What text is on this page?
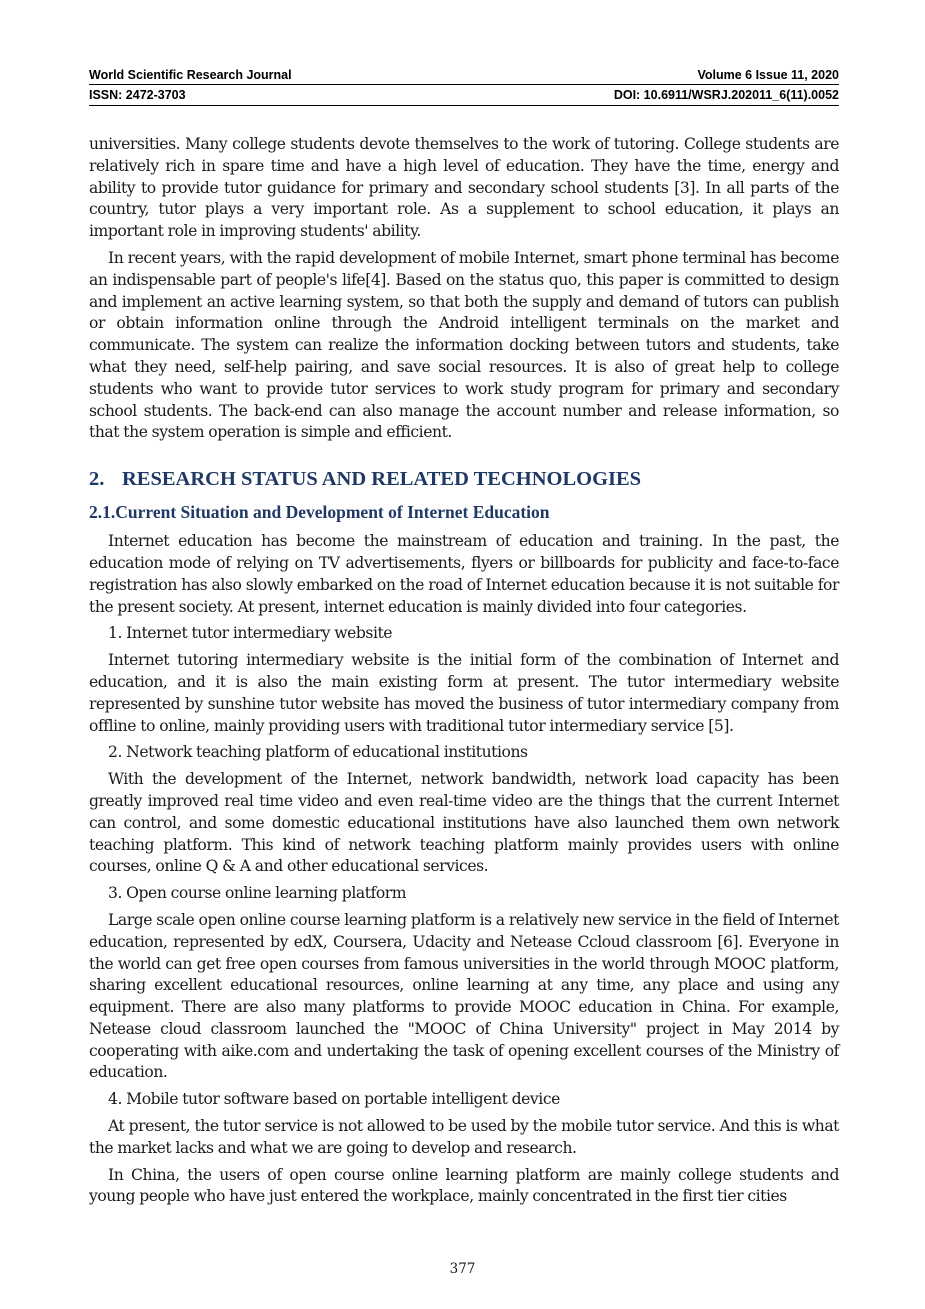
World Scientific Research Journal	Volume 6 Issue 11, 2020
ISSN: 2472-3703	DOI: 10.6911/WSRJ.202011_6(11).0052

universities. Many college students devote themselves to the work of tutoring. College students are relatively rich in spare time and have a high level of education. They have the time, energy and ability to provide tutor guidance for primary and secondary school students [3]. In all parts of the country, tutor plays a very important role. As a supplement to school education, it plays an important role in improving students' ability.

In recent years, with the rapid development of mobile Internet, smart phone terminal has become an indispensable part of people's life[4]. Based on the status quo, this paper is committed to design and implement an active learning system, so that both the supply and demand of tutors can publish or obtain information online through the Android intelligent terminals on the market and communicate. The system can realize the information docking between tutors and students, take what they need, self-help pairing, and save social resources. It is also of great help to college students who want to provide tutor services to work study program for primary and secondary school students. The back-end can also manage the account number and release information, so that the system operation is simple and efficient.

2. RESEARCH STATUS AND RELATED TECHNOLOGIES
2.1.Current Situation and Development of Internet Education

Internet education has become the mainstream of education and training. In the past, the education mode of relying on TV advertisements, flyers or billboards for publicity and face-to-face registration has also slowly embarked on the road of Internet education because it is not suitable for the present society. At present, internet education is mainly divided into four categories.

1. Internet tutor intermediary website

Internet tutoring intermediary website is the initial form of the combination of Internet and education, and it is also the main existing form at present. The tutor intermediary website represented by sunshine tutor website has moved the business of tutor intermediary company from offline to online, mainly providing users with traditional tutor intermediary service [5].

2. Network teaching platform of educational institutions

With the development of the Internet, network bandwidth, network load capacity has been greatly improved real time video and even real-time video are the things that the current Internet can control, and some domestic educational institutions have also launched them own network teaching platform. This kind of network teaching platform mainly provides users with online courses, online Q & A and other educational services.

3. Open course online learning platform

Large scale open online course learning platform is a relatively new service in the field of Internet education, represented by edX, Coursera, Udacity and Netease Ccloud classroom [6]. Everyone in the world can get free open courses from famous universities in the world through MOOC platform, sharing excellent educational resources, online learning at any time, any place and using any equipment. There are also many platforms to provide MOOC education in China. For example, Netease cloud classroom launched the "MOOC of China University" project in May 2014 by cooperating with aike.com and undertaking the task of opening excellent courses of the Ministry of education.

4. Mobile tutor software based on portable intelligent device

At present, the tutor service is not allowed to be used by the mobile tutor service. And this is what the market lacks and what we are going to develop and research.

In China, the users of open course online learning platform are mainly college students and young people who have just entered the workplace, mainly concentrated in the first tier cities

377
